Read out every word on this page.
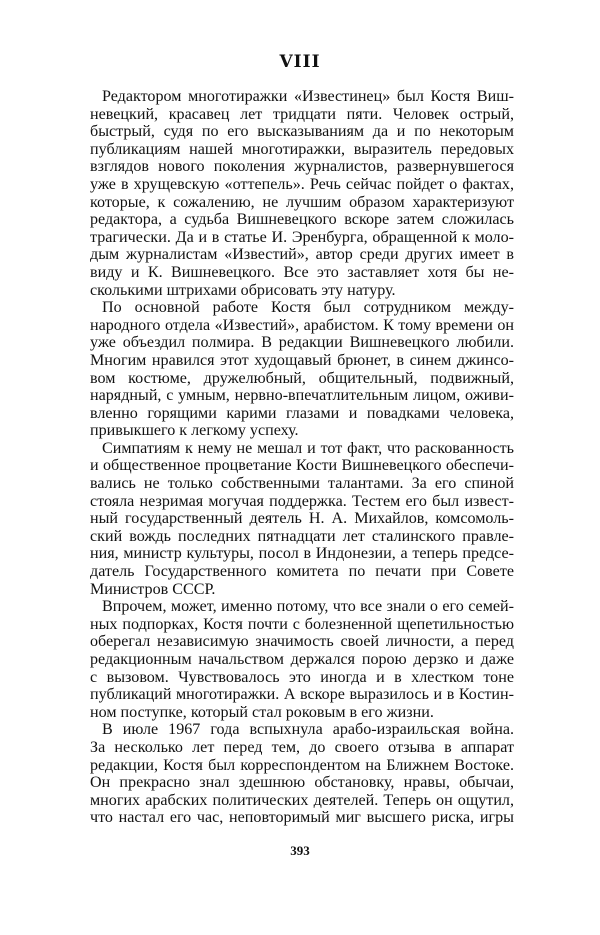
VIII
Редактором многотиражки «Известинец» был Костя Виш-
невецкий, красавец лет тридцати пяти. Человек острый,
быстрый, судя по его высказываниям да и по некоторым
публикациям нашей многотиражки, выразитель передовых
взглядов нового поколения журналистов, развернувшегося
уже в хрущевскую «оттепель». Речь сейчас пойдет о фактах,
которые, к сожалению, не лучшим образом характеризуют
редактора, а судьба Вишневецкого вскоре затем сложилась
трагически. Да и в статье И. Эренбурга, обращенной к моло-
дым журналистам «Известий», автор среди других имеет в
виду и К. Вишневецкого. Все это заставляет хотя бы не-
сколькими штрихами обрисовать эту натуру.
По основной работе Костя был сотрудником между-
народного отдела «Известий», арабистом. К тому времени он
уже объездил полмира. В редакции Вишневецкого любили.
Многим нравился этот худощавый брюнет, в синем джинсо-
вом костюме, дружелюбный, общительный, подвижный,
нарядный, с умным, нервно-впечатлительным лицом, оживи-
вленно горящими карими глазами и повадками человека,
привыкшего к легкому успеху.
Симпатиям к нему не мешал и тот факт, что раскованность
и общественное процветание Кости Вишневецкого обеспечи-
вались не только собственными талантами. За его спиной
стояла незримая могучая поддержка. Тестем его был извест-
ный государственный деятель Н. А. Михайлов, комсомоль-
ский вождь последних пятнадцати лет сталинского правле-
ния, министр культуры, посол в Индонезии, а теперь предсе-
датель Государственного комитета по печати при Совете
Министров СССР.
Впрочем, может, именно потому, что все знали о его семей-
ных подпорках, Костя почти с болезненной щепетильностью
оберегал независимую значимость своей личности, а перед
редакционным начальством держался порою дерзко и даже
с вызовом. Чувствовалось это иногда и в хлестком тоне
публикаций многотиражки. А вскоре выразилось и в Костин-
ном поступке, который стал роковым в его жизни.
В июле 1967 года вспыхнула арабо-израильская война.
За несколько лет перед тем, до своего отзыва в аппарат
редакции, Костя был корреспондентом на Ближнем Востоке.
Он прекрасно знал здешнюю обстановку, нравы, обычаи,
многих арабских политических деятелей. Теперь он ощутил,
что настал его час, неповторимый миг высшего риска, игры

393
